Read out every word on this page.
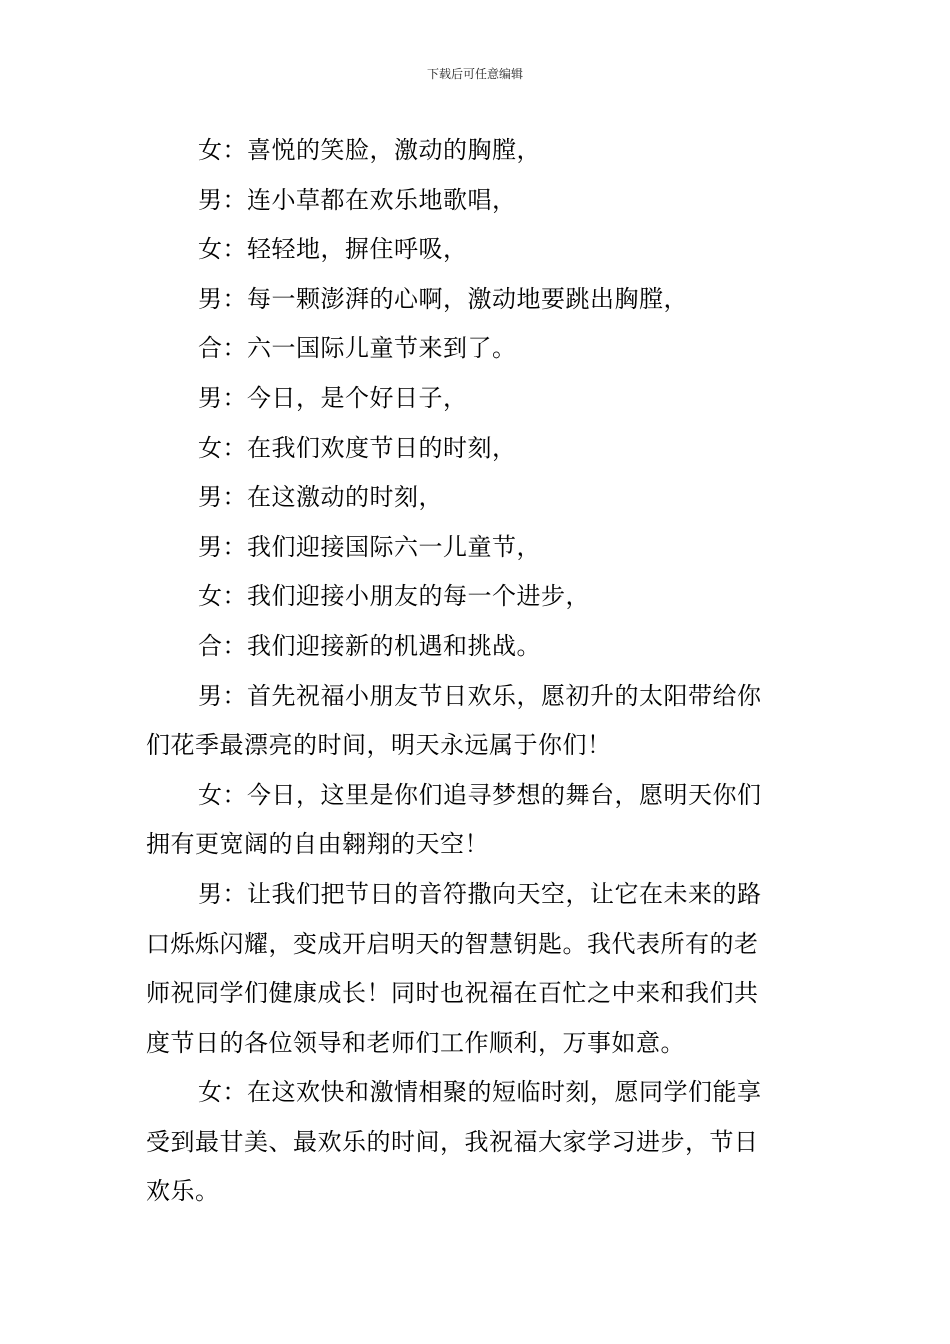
下载后可任意编辑

女：喜悦的笑脸，激动的胸膛，

男：连小草都在欢乐地歌唱，

女：轻轻地，摒住呼吸，

男：每一颗澎湃的心啊，激动地要跳出胸膛，

合：六一国际儿童节来到了。

男：今日，是个好日子，

女：在我们欢度节日的时刻，

男：在这激动的时刻，

男：我们迎接国际六一儿童节，

女：我们迎接小朋友的每一个进步，

合：我们迎接新的机遇和挑战。

男：首先祝福小朋友节日欢乐，愿初升的太阳带给你

们花季最漂亮的时间，明天永远属于你们！

女：今日，这里是你们追寻梦想的舞台，愿明天你们

拥有更宽阔的自由翱翔的天空！

男：让我们把节日的音符撒向天空，让它在未来的路

口烁烁闪耀，变成开启明天的智慧钥匙。我代表所有的老

师祝同学们健康成长！同时也祝福在百忙之中来和我们共

度节日的各位领导和老师们工作顺利，万事如意。

女：在这欢快和激情相聚的短临时刻，愿同学们能享

受到最甘美、最欢乐的时间，我祝福大家学习进步，节日

欢乐。
